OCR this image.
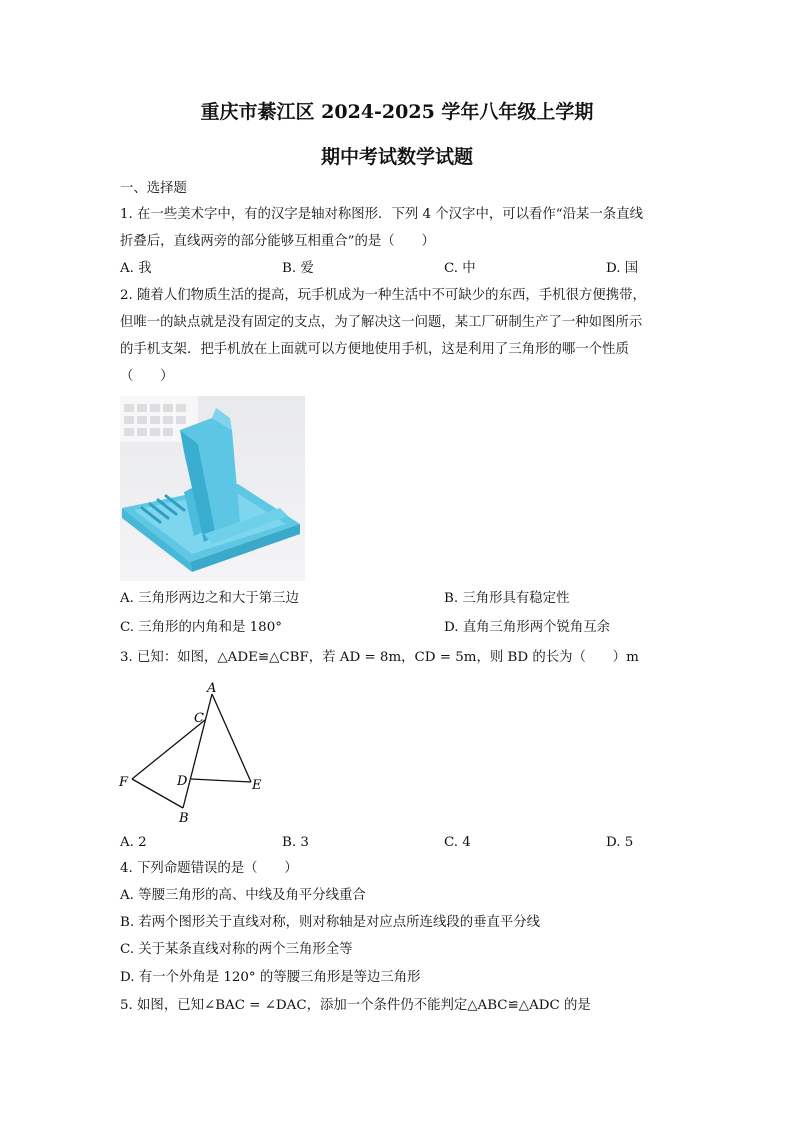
重庆市綦江区 2024-2025 学年八年级上学期
期中考试数学试题
一、选择题
1. 在一些美术字中，有的汉字是轴对称图形．下列 4 个汉字中，可以看作“沿某一条直线
折叠后，直线两旁的部分能够互相重合”的是（　　）
A. 我	B. 爱	C. 中	D. 国
2. 随着人们物质生活的提高，玩手机成为一种生活中不可缺少的东西，手机很方便携带，
但唯一的缺点就是没有固定的支点，为了解决这一问题，某工厂研制生产了一种如图所示
的手机支架．把手机放在上面就可以方便地使用手机，这是利用了三角形的哪一个性质
（　　）
A. 三角形两边之和大于第三边	B. 三角形具有稳定性
C. 三角形的内角和是 180°	D. 直角三角形两个锐角互余
3. 已知：如图，△ADE≌△CBF，若 AD = 8m，CD = 5m，则 BD 的长为（　　）m
A
C
F	D	E
B
A. 2	B. 3	C. 4	D. 5
4. 下列命题错误的是（　　）
A. 等腰三角形的高、中线及角平分线重合
B. 若两个图形关于直线对称，则对称轴是对应点所连线段的垂直平分线
C. 关于某条直线对称的两个三角形全等
D. 有一个外角是 120° 的等腰三角形是等边三角形
5. 如图，已知∠BAC = ∠DAC，添加一个条件仍不能判定△ABC≌△ADC 的是
